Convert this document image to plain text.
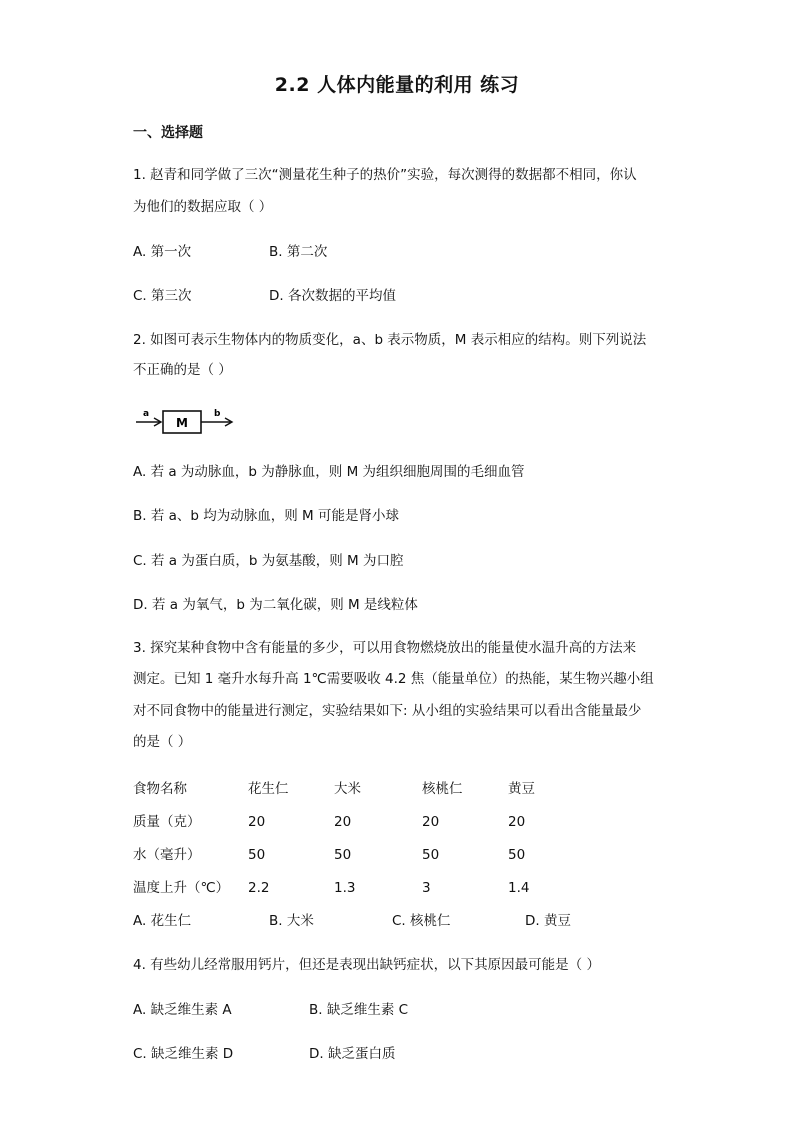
2.2 人体内能量的利用 练习
一、选择题
1. 赵青和同学做了三次“测量花生种子的热价”实验，每次测得的数据都不相同，你认
为他们的数据应取（ ）
A. 第一次	B. 第二次
C. 第三次	D. 各次数据的平均值
2. 如图可表示生物体内的物质变化，a、b 表示物质，M 表示相应的结构。则下列说法
不正确的是（ ）
a
M
b
A. 若 a 为动脉血，b 为静脉血，则 M 为组织细胞周围的毛细血管
B. 若 a、b 均为动脉血，则 M 可能是肾小球
C. 若 a 为蛋白质，b 为氨基酸，则 M 为口腔
D. 若 a 为氧气，b 为二氧化碳，则 M 是线粒体
3. 探究某种食物中含有能量的多少，可以用食物燃烧放出的能量使水温升高的方法来
测定。已知 1 毫升水每升高 1℃需要吸收 4.2 焦（能量单位）的热能，某生物兴趣小组
对不同食物中的能量进行测定，实验结果如下: 从小组的实验结果可以看出含能量最少
的是（ ）
食物名称	花生仁	大米	核桃仁	黄豆
质量（克）	20	20	20	20
水（毫升）	50	50	50	50
温度上升（℃） 2.2	1.3	3	1.4
A. 花生仁	B. 大米	C. 核桃仁	D. 黄豆
4. 有些幼儿经常服用钙片，但还是表现出缺钙症状，以下其原因最可能是（ ）
A. 缺乏维生素 A	B. 缺乏维生素 C
C. 缺乏维生素 D	D. 缺乏蛋白质
